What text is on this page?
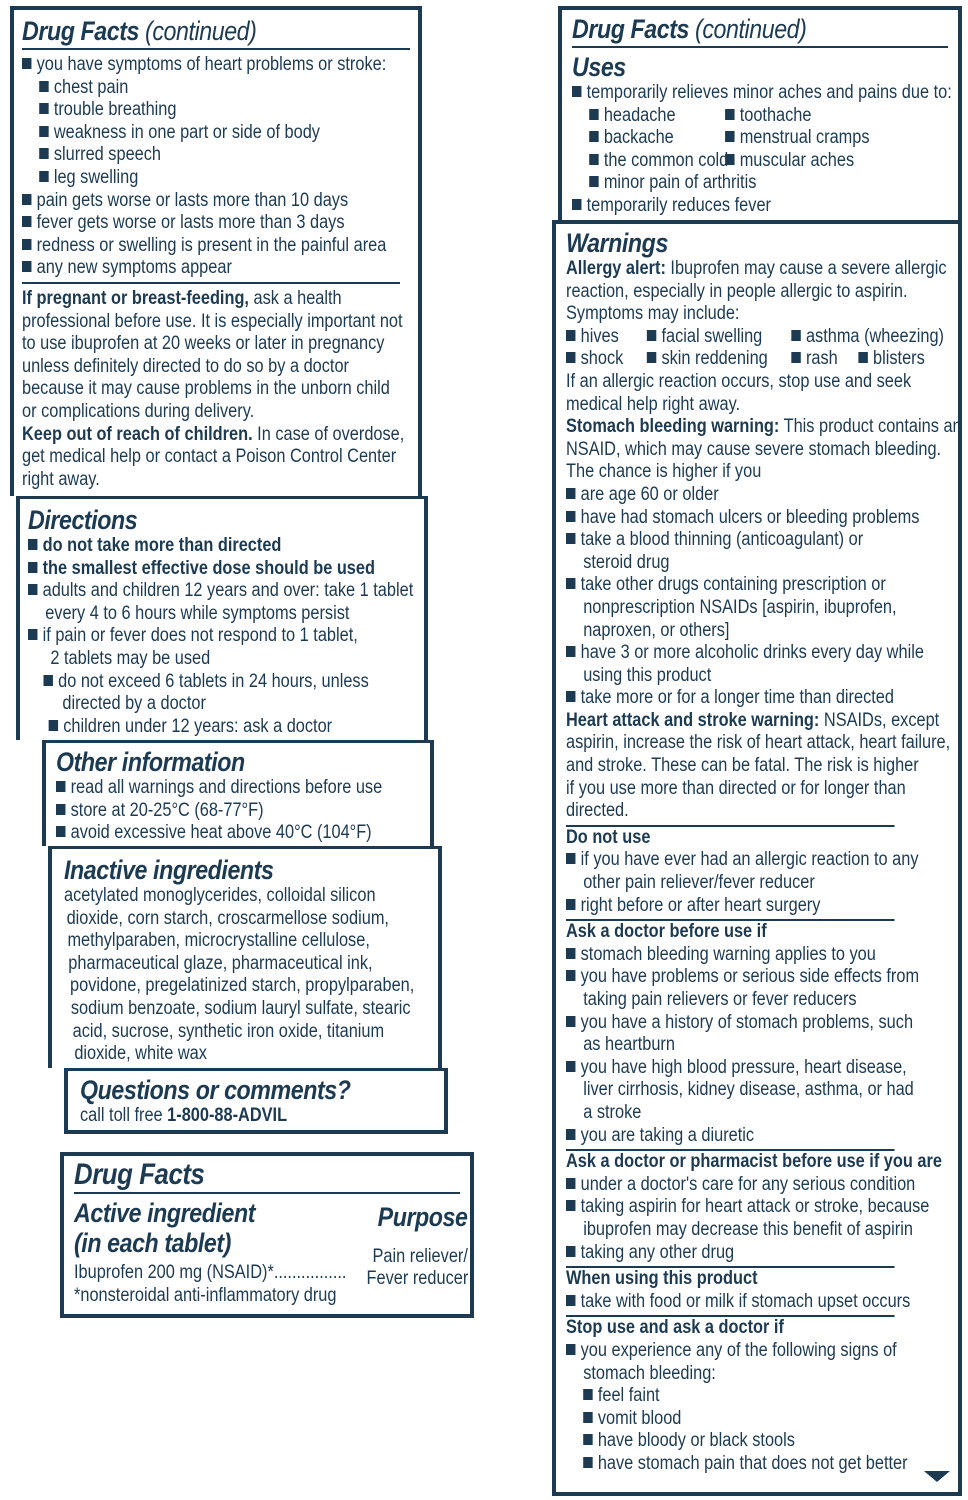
Drug Facts (continued)
you have symptoms of heart problems or stroke:
chest pain
trouble breathing
weakness in one part or side of body
slurred speech
leg swelling
pain gets worse or lasts more than 10 days
fever gets worse or lasts more than 3 days
redness or swelling is present in the painful area
any new symptoms appear
If pregnant or breast-feeding, ask a health
professional before use. It is especially important not
to use ibuprofen at 20 weeks or later in pregnancy
unless definitely directed to do so by a doctor
because it may cause problems in the unborn child
or complications during delivery.
Keep out of reach of children. In case of overdose,
get medical help or contact a Poison Control Center
right away.
Directions
do not take more than directed
the smallest effective dose should be used
adults and children 12 years and over: take 1 tablet
every 4 to 6 hours while symptoms persist
if pain or fever does not respond to 1 tablet,
2 tablets may be used
do not exceed 6 tablets in 24 hours, unless
directed by a doctor
children under 12 years: ask a doctor
Other information
read all warnings and directions before use
store at 20-25°C (68-77°F)
avoid excessive heat above 40°C (104°F)
Inactive ingredients
acetylated monoglycerides, colloidal silicon
dioxide, corn starch, croscarmellose sodium,
methylparaben, microcrystalline cellulose,
pharmaceutical glaze, pharmaceutical ink,
povidone, pregelatinized starch, propylparaben,
sodium benzoate, sodium lauryl sulfate, stearic
acid, sucrose, synthetic iron oxide, titanium
dioxide, white wax
Questions or comments?
call toll free 1-800-88-ADVIL
Drug Facts
Active ingredient
(in each tablet)
Purpose
Pain reliever/
Fever reducer
Ibuprofen 200 mg (NSAID)*................
*nonsteroidal anti-inflammatory drug
Drug Facts (continued)
Uses
temporarily relieves minor aches and pains due to:
headache	toothache
backache	menstrual cramps
the common cold muscular aches
minor pain of arthritis
temporarily reduces fever
Warnings
Allergy alert: Ibuprofen may cause a severe allergic
reaction, especially in people allergic to aspirin.
Symptoms may include:
hives facial swelling asthma (wheezing)
shock skin reddening rash blisters
If an allergic reaction occurs, stop use and seek
medical help right away.
Stomach bleeding warning: This product contains an
NSAID, which may cause severe stomach bleeding.
The chance is higher if you
are age 60 or older
have had stomach ulcers or bleeding problems
take a blood thinning (anticoagulant) or
steroid drug
take other drugs containing prescription or
nonprescription NSAIDs [aspirin, ibuprofen,
naproxen, or others]
have 3 or more alcoholic drinks every day while
using this product
take more or for a longer time than directed
Heart attack and stroke warning: NSAIDs, except
aspirin, increase the risk of heart attack, heart failure,
and stroke. These can be fatal. The risk is higher
if you use more than directed or for longer than
directed.
Do not use
if you have ever had an allergic reaction to any
other pain reliever/fever reducer
right before or after heart surgery
Ask a doctor before use if
stomach bleeding warning applies to you
you have problems or serious side effects from
taking pain relievers or fever reducers
you have a history of stomach problems, such
as heartburn
you have high blood pressure, heart disease,
liver cirrhosis, kidney disease, asthma, or had
a stroke
you are taking a diuretic
Ask a doctor or pharmacist before use if you are
under a doctor's care for any serious condition
taking aspirin for heart attack or stroke, because
ibuprofen may decrease this benefit of aspirin
taking any other drug
When using this product
take with food or milk if stomach upset occurs
Stop use and ask a doctor if
you experience any of the following signs of
stomach bleeding:
feel faint
vomit blood
have bloody or black stools
have stomach pain that does not get better
